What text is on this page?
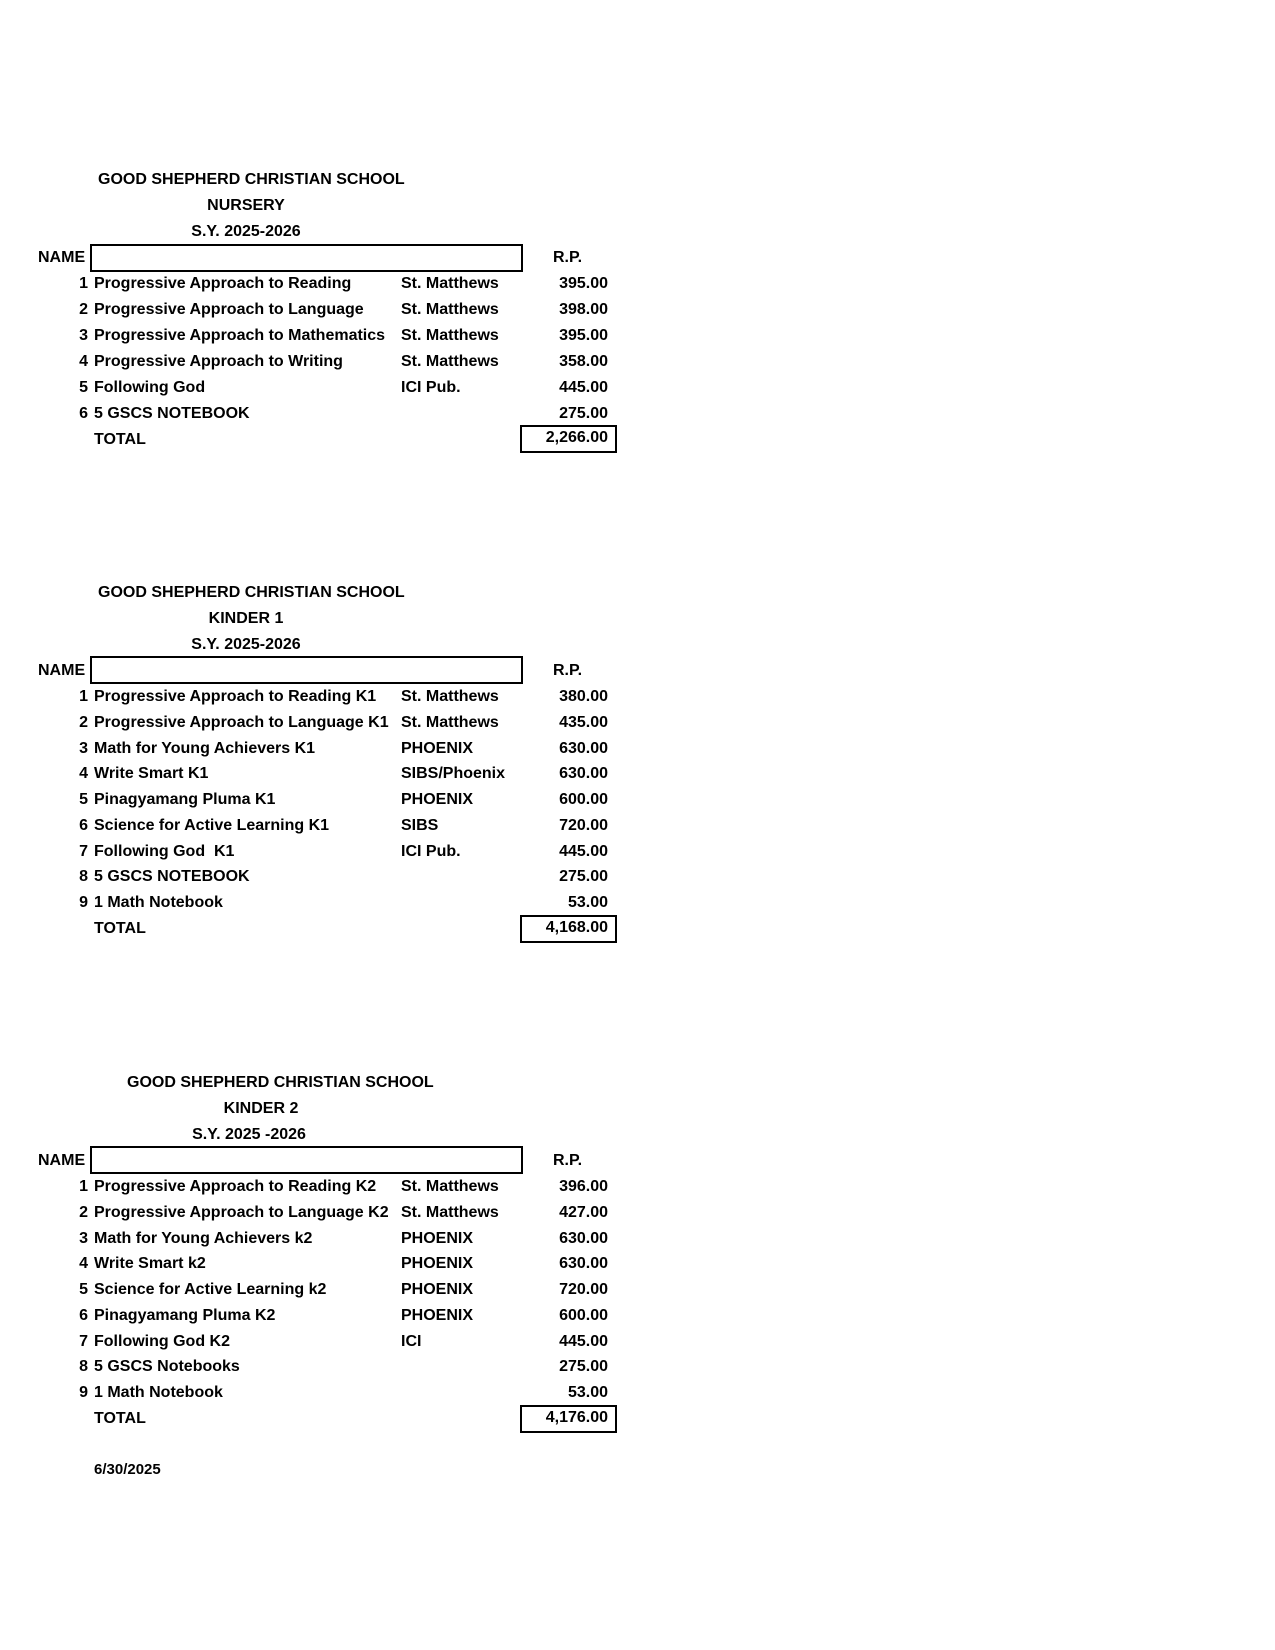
GOOD SHEPHERD CHRISTIAN SCHOOL
NURSERY
S.Y. 2025-2026
NAME	R.P.
1 Progressive Approach to Reading	St. Matthews	395.00
2 Progressive Approach to Language St. Matthews	398.00
3 Progressive Approach to Mathematics St. Matthews	395.00
4 Progressive Approach to Writing	St. Matthews	358.00
5 Following God	ICI Pub.	445.00
6 5 GSCS NOTEBOOK	275.00
TOTAL	2,266.00
GOOD SHEPHERD CHRISTIAN SCHOOL
KINDER 1
S.Y. 2025-2026
NAME	R.P.
1 Progressive Approach to Reading K1 St. Matthews	380.00
2 Progressive Approach to Language K1 St. Matthews	435.00
3 Math for Young Achievers K1	PHOENIX	630.00
4 Write Smart K1	SIBS/Phoenix	630.00
5 Pinagyamang Pluma K1	PHOENIX	600.00
6 Science for Active Learning K1	SIBS	720.00
7 Following God  K1	ICI Pub.	445.00
8 5 GSCS NOTEBOOK	275.00
9 1 Math Notebook	53.00
TOTAL	4,168.00
GOOD SHEPHERD CHRISTIAN SCHOOL
KINDER 2
S.Y. 2025 -2026
NAME	R.P.
1 Progressive Approach to Reading K2 St. Matthews	396.00
2 Progressive Approach to Language K2 St. Matthews	427.00
3 Math for Young Achievers k2	PHOENIX	630.00
4 Write Smart k2	PHOENIX	630.00
5 Science for Active Learning k2	PHOENIX	720.00
6 Pinagyamang Pluma K2	PHOENIX	600.00
7 Following God K2	ICI	445.00
8 5 GSCS Notebooks	275.00
9 1 Math Notebook	53.00
TOTAL	4,176.00
6/30/2025
